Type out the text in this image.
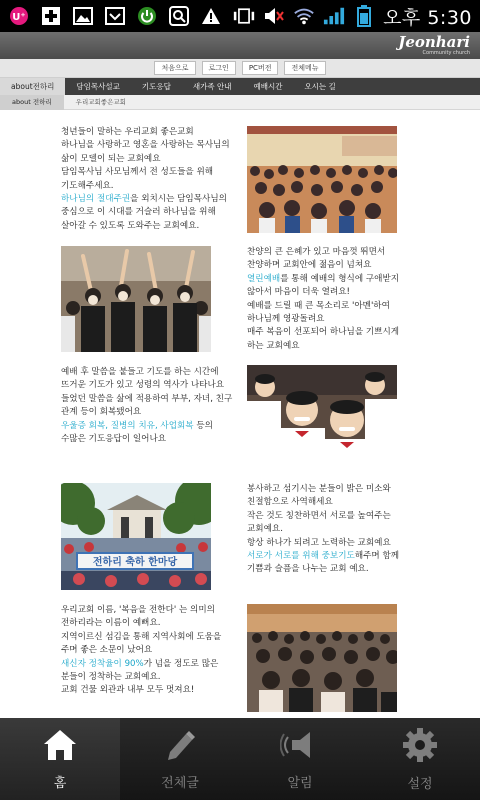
U⁺	오후 5:30
Jeonhari
Community church
처음으로	로그인	PC버전	전체메뉴
about전하리	담임목사설교	기도응답	새가족 안내	예배시간	오시는 길
about 전하리	우리교회좋은교회
청년들이 말하는 우리교회 좋은교회
하나님을 사랑하고 영혼을 사랑하는 목사님의
삶이 모델이 되는 교회예요
담임목사님 사모님께서 전 성도들을 위해
기도해주세요.
하나님의 절대주권을 외치시는 담임목사님의
중심으로 이 시대를 거슬러 하나님을 위해
살아갈 수 있도록 도와주는 교회예요.
찬양의 큰 은혜가 있고 마음껏 뛰면서
찬양하며 교회안에 젊음이 넘쳐요
열린예배를 통해 예배의 형식에 구애받지
않아서 마음이 더욱 열려요!
예배를 드릴 때 큰 목소리로 '아멘'하여
하나님께 영광돌려요
매주 복음이 선포되어 하나님을 기쁘시게
하는 교회예요
예배 후 말씀을 붙들고 기도를 하는 시간에
뜨거운 기도가 있고 성령의 역사가 나타나요
들었던 말씀을 삶에 적용하여 부부, 자녀, 친구
관계 등이 회복됐어요
우울증 회복, 질병의 치유, 사업회복 등의
수많은 기도응답이 일어나요
전하리 축하 한마당
봉사하고 섬기시는 분들이 밝은 미소와
친절함으로 사역해세요
작은 것도 칭찬하면서 서로를 높여주는
교회예요.
항상 하나가 되려고 노력하는 교회예요
서로가 서로를 위해 중보기도해주며 함께
기쁨과 슬픔을 나누는 교회 예요.
우리교회 이름, '복음을 전한다' 는 의미의
전하리라는 이름이 예뻐요.
지역이르신 섬김을 통해 지역사회에 도움을
주며 좋은 소문이 났어요
새신자 정착율이 90%가 넘을 정도로 많은
분들이 정착하는 교회예요.
교회 건물 외관과 내부 모두 멋져요!
홈	전체글	알림	설정
